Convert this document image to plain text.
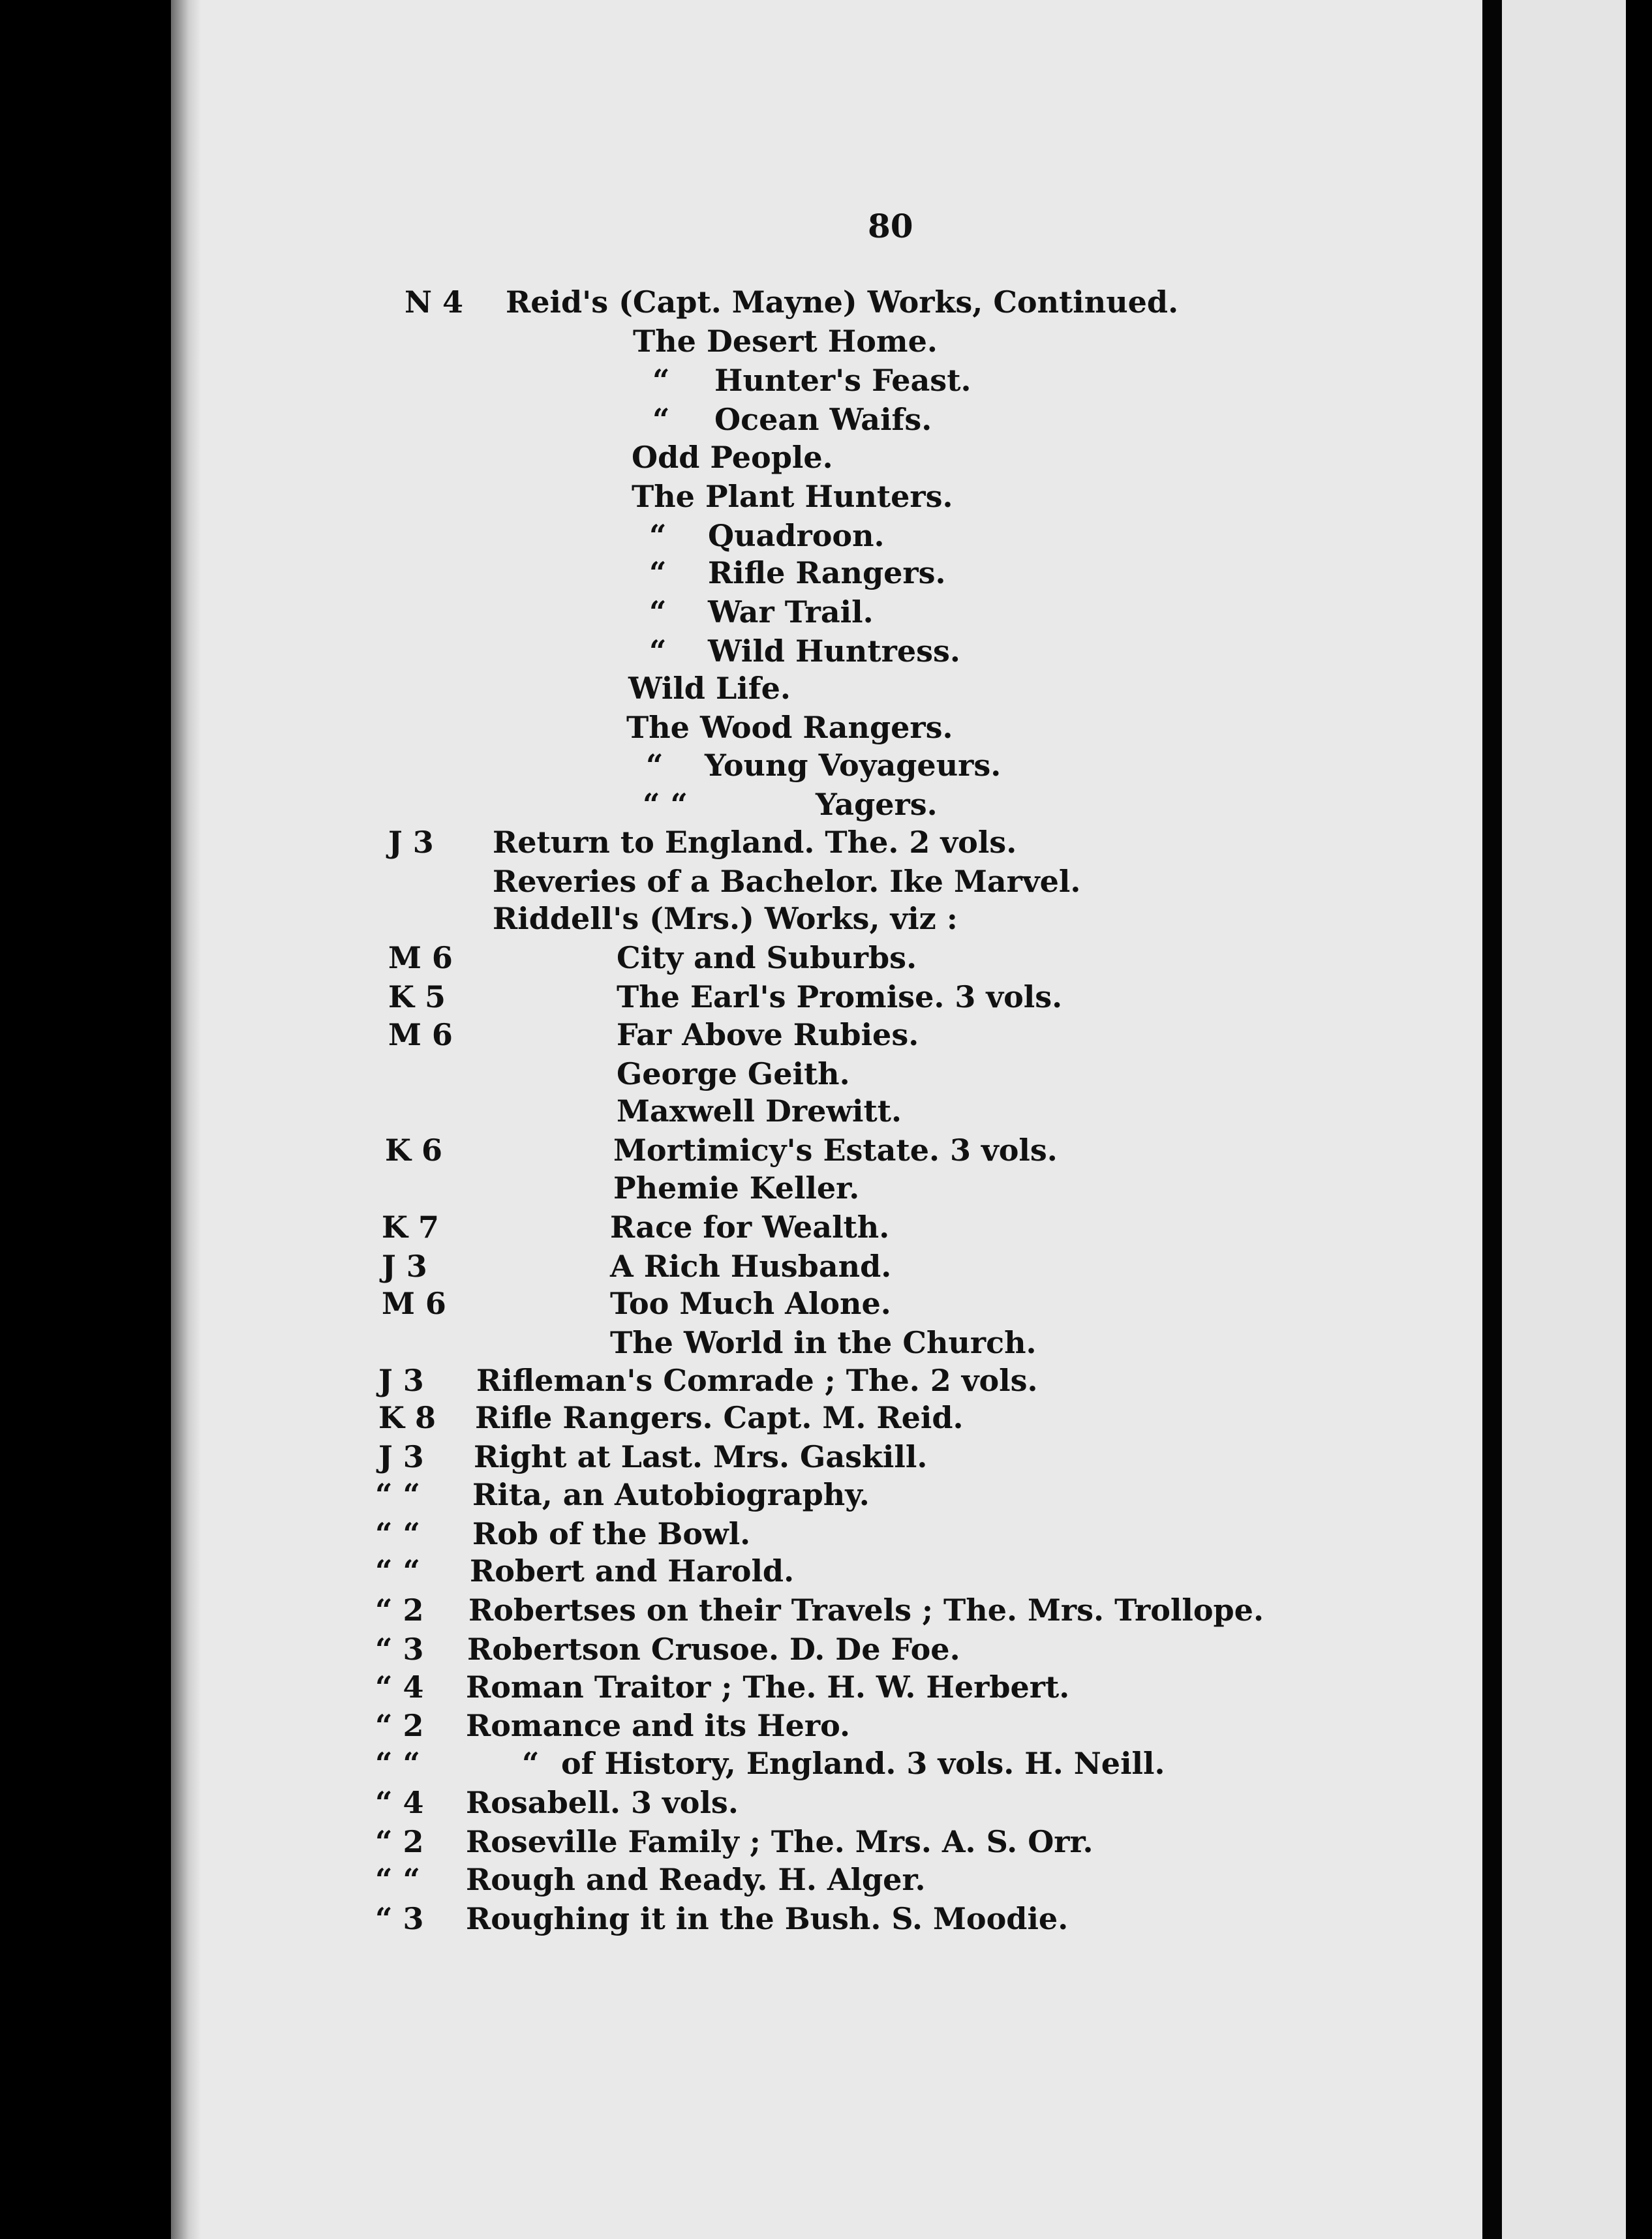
80
N 4 Reid's (Capt. Mayne) Works, Continued.
The Desert Home.
“ Hunter's Feast.
“ Ocean Waifs.
Odd People.
The Plant Hunters.
“ Quadroon.
“ Rifle Rangers.
“ War Trail.
“ Wild Huntress.
Wild Life.
The Wood Rangers.
“ Young Voyageurs.
“ “	Yagers.
J 3 Return to England. The. 2 vols.
Reveries of a Bachelor. Ike Marvel.
Riddell's (Mrs.) Works, viz :
M 6	City and Suburbs.
K 5	The Earl's Promise. 3 vols.
M 6	Far Above Rubies.
George Geith.
Maxwell Drewitt.
K 6	Mortimicy's Estate. 3 vols.
Phemie Keller.
K 7	Race for Wealth.
J 3	A Rich Husband.
M 6	Too Much Alone.
The World in the Church.
J 3 Rifleman's Comrade ; The. 2 vols.
K 8 Rifle Rangers. Capt. M. Reid.
J 3 Right at Last. Mrs. Gaskill.
“ “ Rita, an Autobiography.
“ “ Rob of the Bowl.
“ “ Robert and Harold.
“ 2 Robertses on their Travels ; The. Mrs. Trollope.
“ 3 Robertson Crusoe. D. De Foe.
“ 4 Roman Traitor ; The. H. W. Herbert.
“ 2 Romance and its Hero.
“ “	“ of History, England. 3 vols. H. Neill.
“ 4 Rosabell. 3 vols.
“ 2 Roseville Family ; The. Mrs. A. S. Orr.
“ “ Rough and Ready. H. Alger.
“ 3 Roughing it in the Bush. S. Moodie.
